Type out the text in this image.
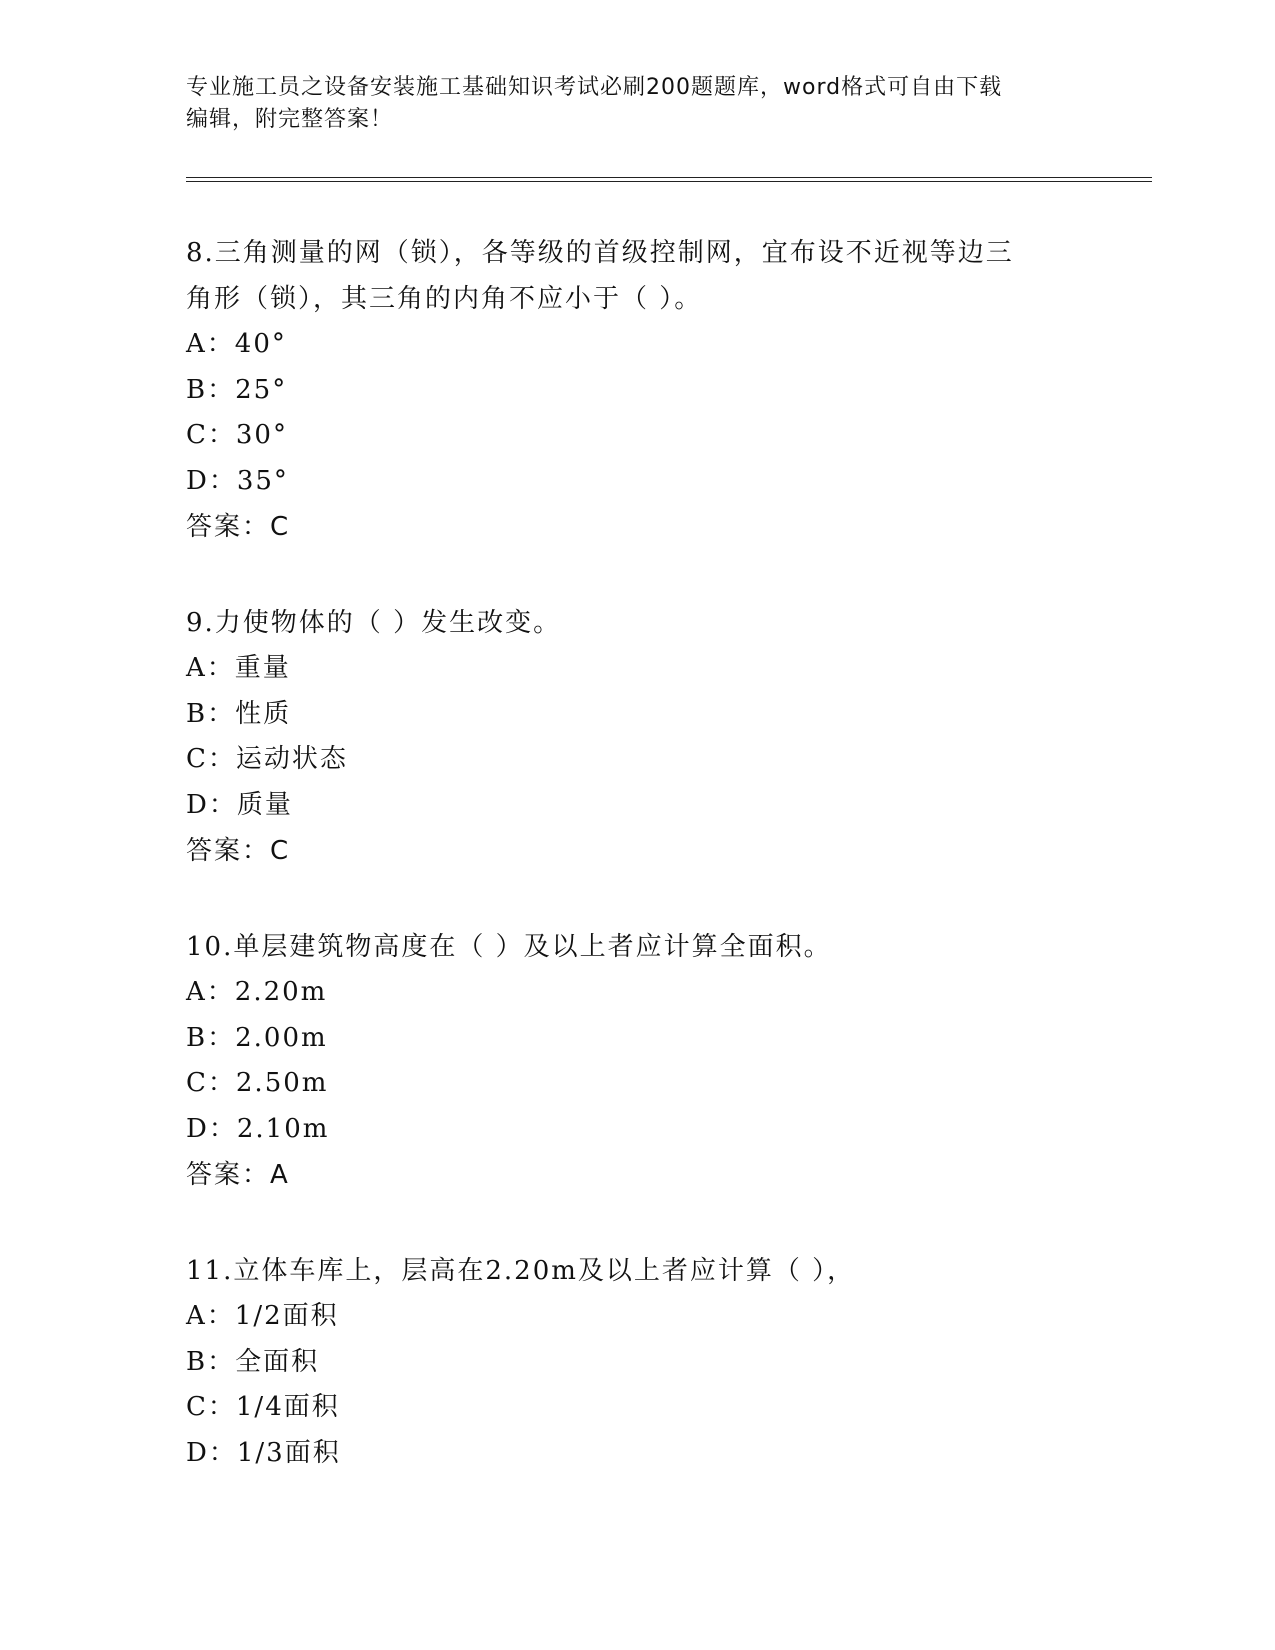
专业施工员之设备安装施工基础知识考试必刷200题题库，word格式可自由下载
编辑，附完整答案！
8.三角测量的网（锁），各等级的首级控制网，宜布设不近视等边三
角形（锁），其三角的内角不应小于（ ）。
A：40°
B：25°
C：30°
D：35°
答案：C
9.力使物体的（ ）发生改变。
A：重量
B：性质
C：运动状态
D：质量
答案：C
10.单层建筑物高度在（ ）及以上者应计算全面积。
A：2.20m
B：2.00m
C：2.50m
D：2.10m
答案：A
11.立体车库上，层高在2.20m及以上者应计算（ ），
A：1/2面积
B：全面积
C：1/4面积
D：1/3面积
